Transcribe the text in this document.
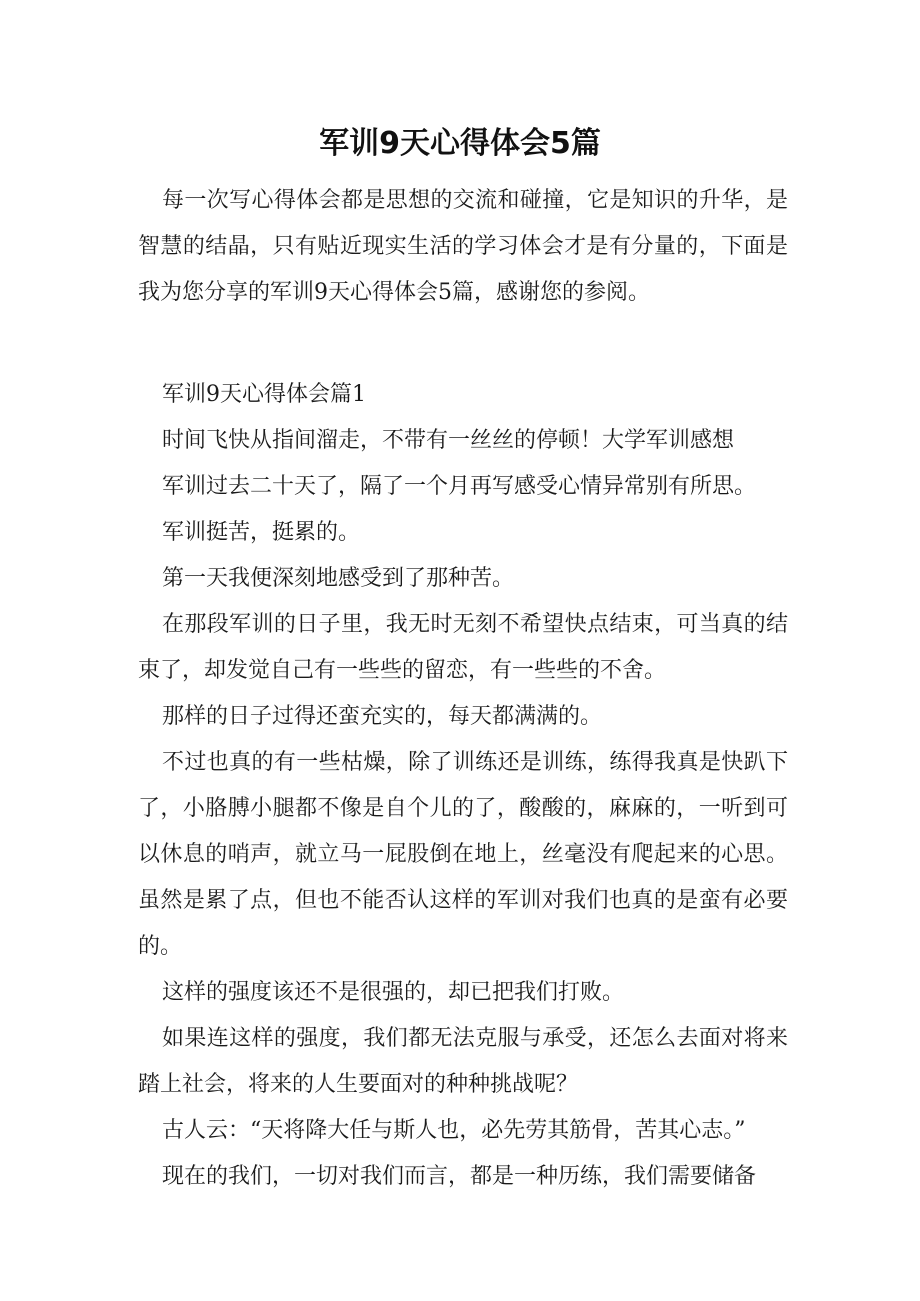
军训9天心得体会5篇

每一次写心得体会都是思想的交流和碰撞，它是知识的升华，是智慧的结晶，只有贴近现实生活的学习体会才是有分量的，下面是我为您分享的军训9天心得体会5篇，感谢您的参阅。

军训9天心得体会篇1

时间飞快从指间溜走，不带有一丝丝的停顿！大学军训感想

军训过去二十天了，隔了一个月再写感受心情异常别有所思。

军训挺苦，挺累的。

第一天我便深刻地感受到了那种苦。

在那段军训的日子里，我无时无刻不希望快点结束，可当真的结束了，却发觉自己有一些些的留恋，有一些些的不舍。

那样的日子过得还蛮充实的，每天都满满的。

不过也真的有一些枯燥，除了训练还是训练，练得我真是快趴下了，小胳膊小腿都不像是自个儿的了，酸酸的，麻麻的，一听到可以休息的哨声，就立马一屁股倒在地上，丝毫没有爬起来的心思。虽然是累了点，但也不能否认这样的军训对我们也真的是蛮有必要的。

这样的强度该还不是很强的，却已把我们打败。

如果连这样的强度，我们都无法克服与承受，还怎么去面对将来踏上社会，将来的人生要面对的种种挑战呢？

古人云：“天将降大任与斯人也，必先劳其筋骨，苦其心志。”

现在的我们，一切对我们而言，都是一种历练，我们需要储备
